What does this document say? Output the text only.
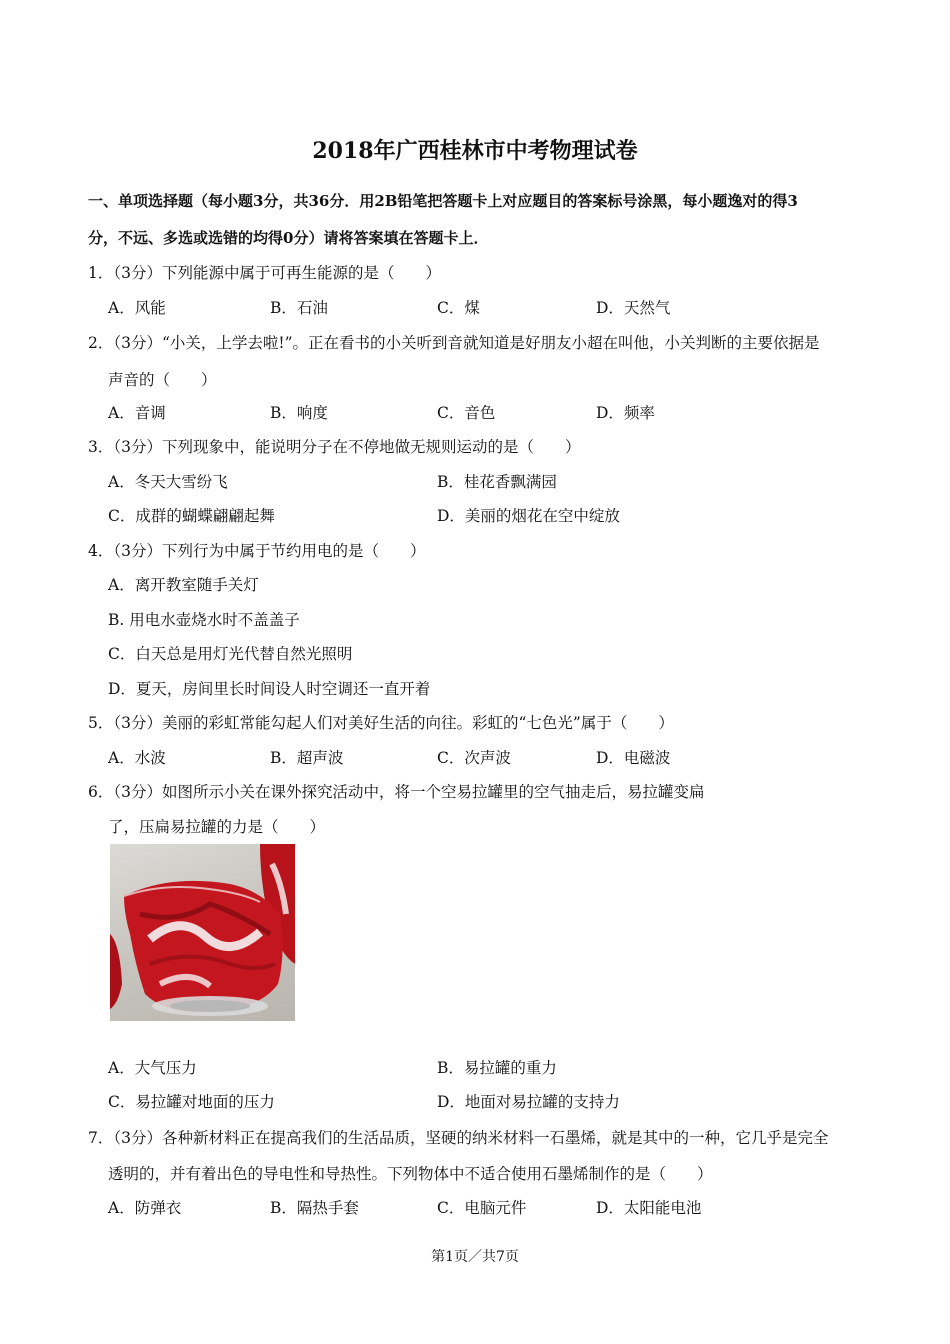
2018年广西桂林市中考物理试卷
一、单项选择题（每小题3分，共36分．用2B铅笔把答题卡上对应题目的答案标号涂黑，每小题逸对的得3
分，不远、多选或选错的均得0分）请将答案填在答题卡上．
1．（3分）下列能源中属于可再生能源的是（　　）
A．风能	B．石油	C．煤	D．天然气
2．（3分）“小关，上学去啦!”。正在看书的小关听到音就知道是好朋友小超在叫他，小关判断的主要依据是
声音的（　　）
A．音调	B．响度	C．音色	D．频率
3．（3分）下列现象中，能说明分子在不停地做无规则运动的是（　　）
A．冬天大雪纷飞	B．桂花香飘满园
C．成群的蝴蝶翩翩起舞	D．美丽的烟花在空中绽放
4．（3分）下列行为中属于节约用电的是（　　）
A．离开教室随手关灯
B. 用电水壶烧水时不盖盖子
C．白天总是用灯光代替自然光照明
D．夏天，房间里长时间设人时空调还一直开着
5．（3分）美丽的彩虹常能勾起人们对美好生活的向往。彩虹的“七色光”属于（　　）
A．水波	B．超声波	C．次声波	D．电磁波
6．（3分）如图所示小关在课外探究活动中，将一个空易拉罐里的空气抽走后，易拉罐变扁
了，压扁易拉罐的力是（　　）
A．大气压力	B．易拉罐的重力
C．易拉罐对地面的压力	D．地面对易拉罐的支持力
7．（3分）各种新材料正在提高我们的生活品质，坚硬的纳米材料一石墨烯，就是其中的一种，它几乎是完全
透明的，并有着出色的导电性和导热性。下列物体中不适合使用石墨烯制作的是（　　）
A．防弹衣	B．隔热手套	C．电脑元件	D．太阳能电池
第1页／共7页
